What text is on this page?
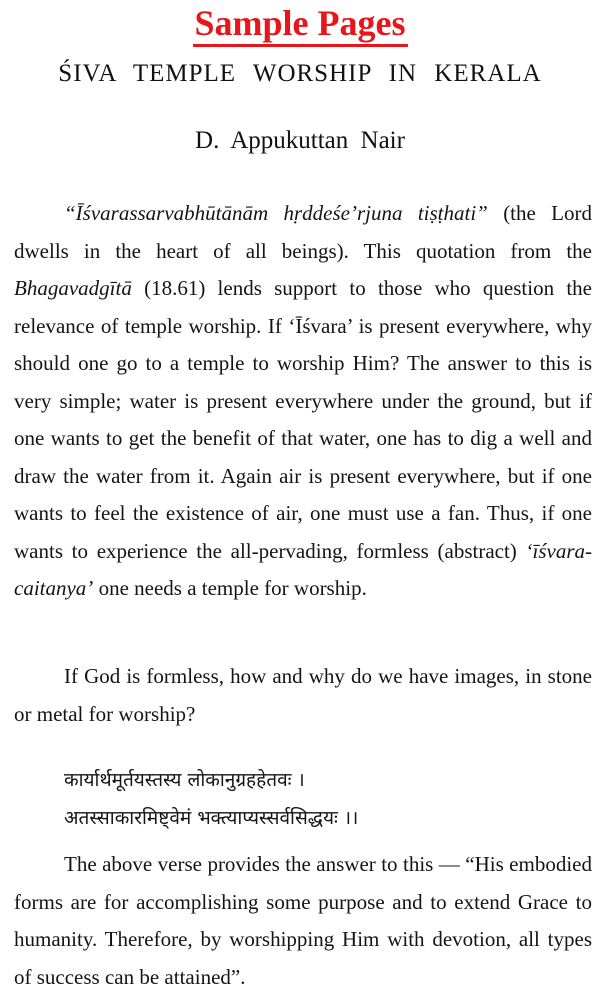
Sample Pages
ŚIVA TEMPLE WORSHIP IN KERALA
D. Appukuttan Nair
“Īśvarassarvabhūtānām hṛddeśe’rjuna tiṣṭhati” (the Lord dwells in the heart of all beings). This quotation from the Bhagavadgītā (18.61) lends support to those who question the relevance of temple worship. If ‘Īśvara’ is present everywhere, why should one go to a temple to worship Him? The answer to this is very simple; water is present everywhere under the ground, but if one wants to get the benefit of that water, one has to dig a well and draw the water from it. Again air is present everywhere, but if one wants to feel the existence of air, one must use a fan. Thus, if one wants to experience the all-pervading, formless (abstract) ‘īśvara-caitanya’ one needs a temple for worship.
If God is formless, how and why do we have images, in stone or metal for worship?
कार्यार्थमूर्तयस्तस्य लोकानुग्रहहेतवः ।
अतस्साकारमिष्ट्वेमं भक्त्याप्यस्सर्वसिद्धयः ।।
The above verse provides the answer to this — “His embodied forms are for accomplishing some purpose and to extend Grace to humanity. Therefore, by worshipping Him with devotion, all types of success can be attained”.
